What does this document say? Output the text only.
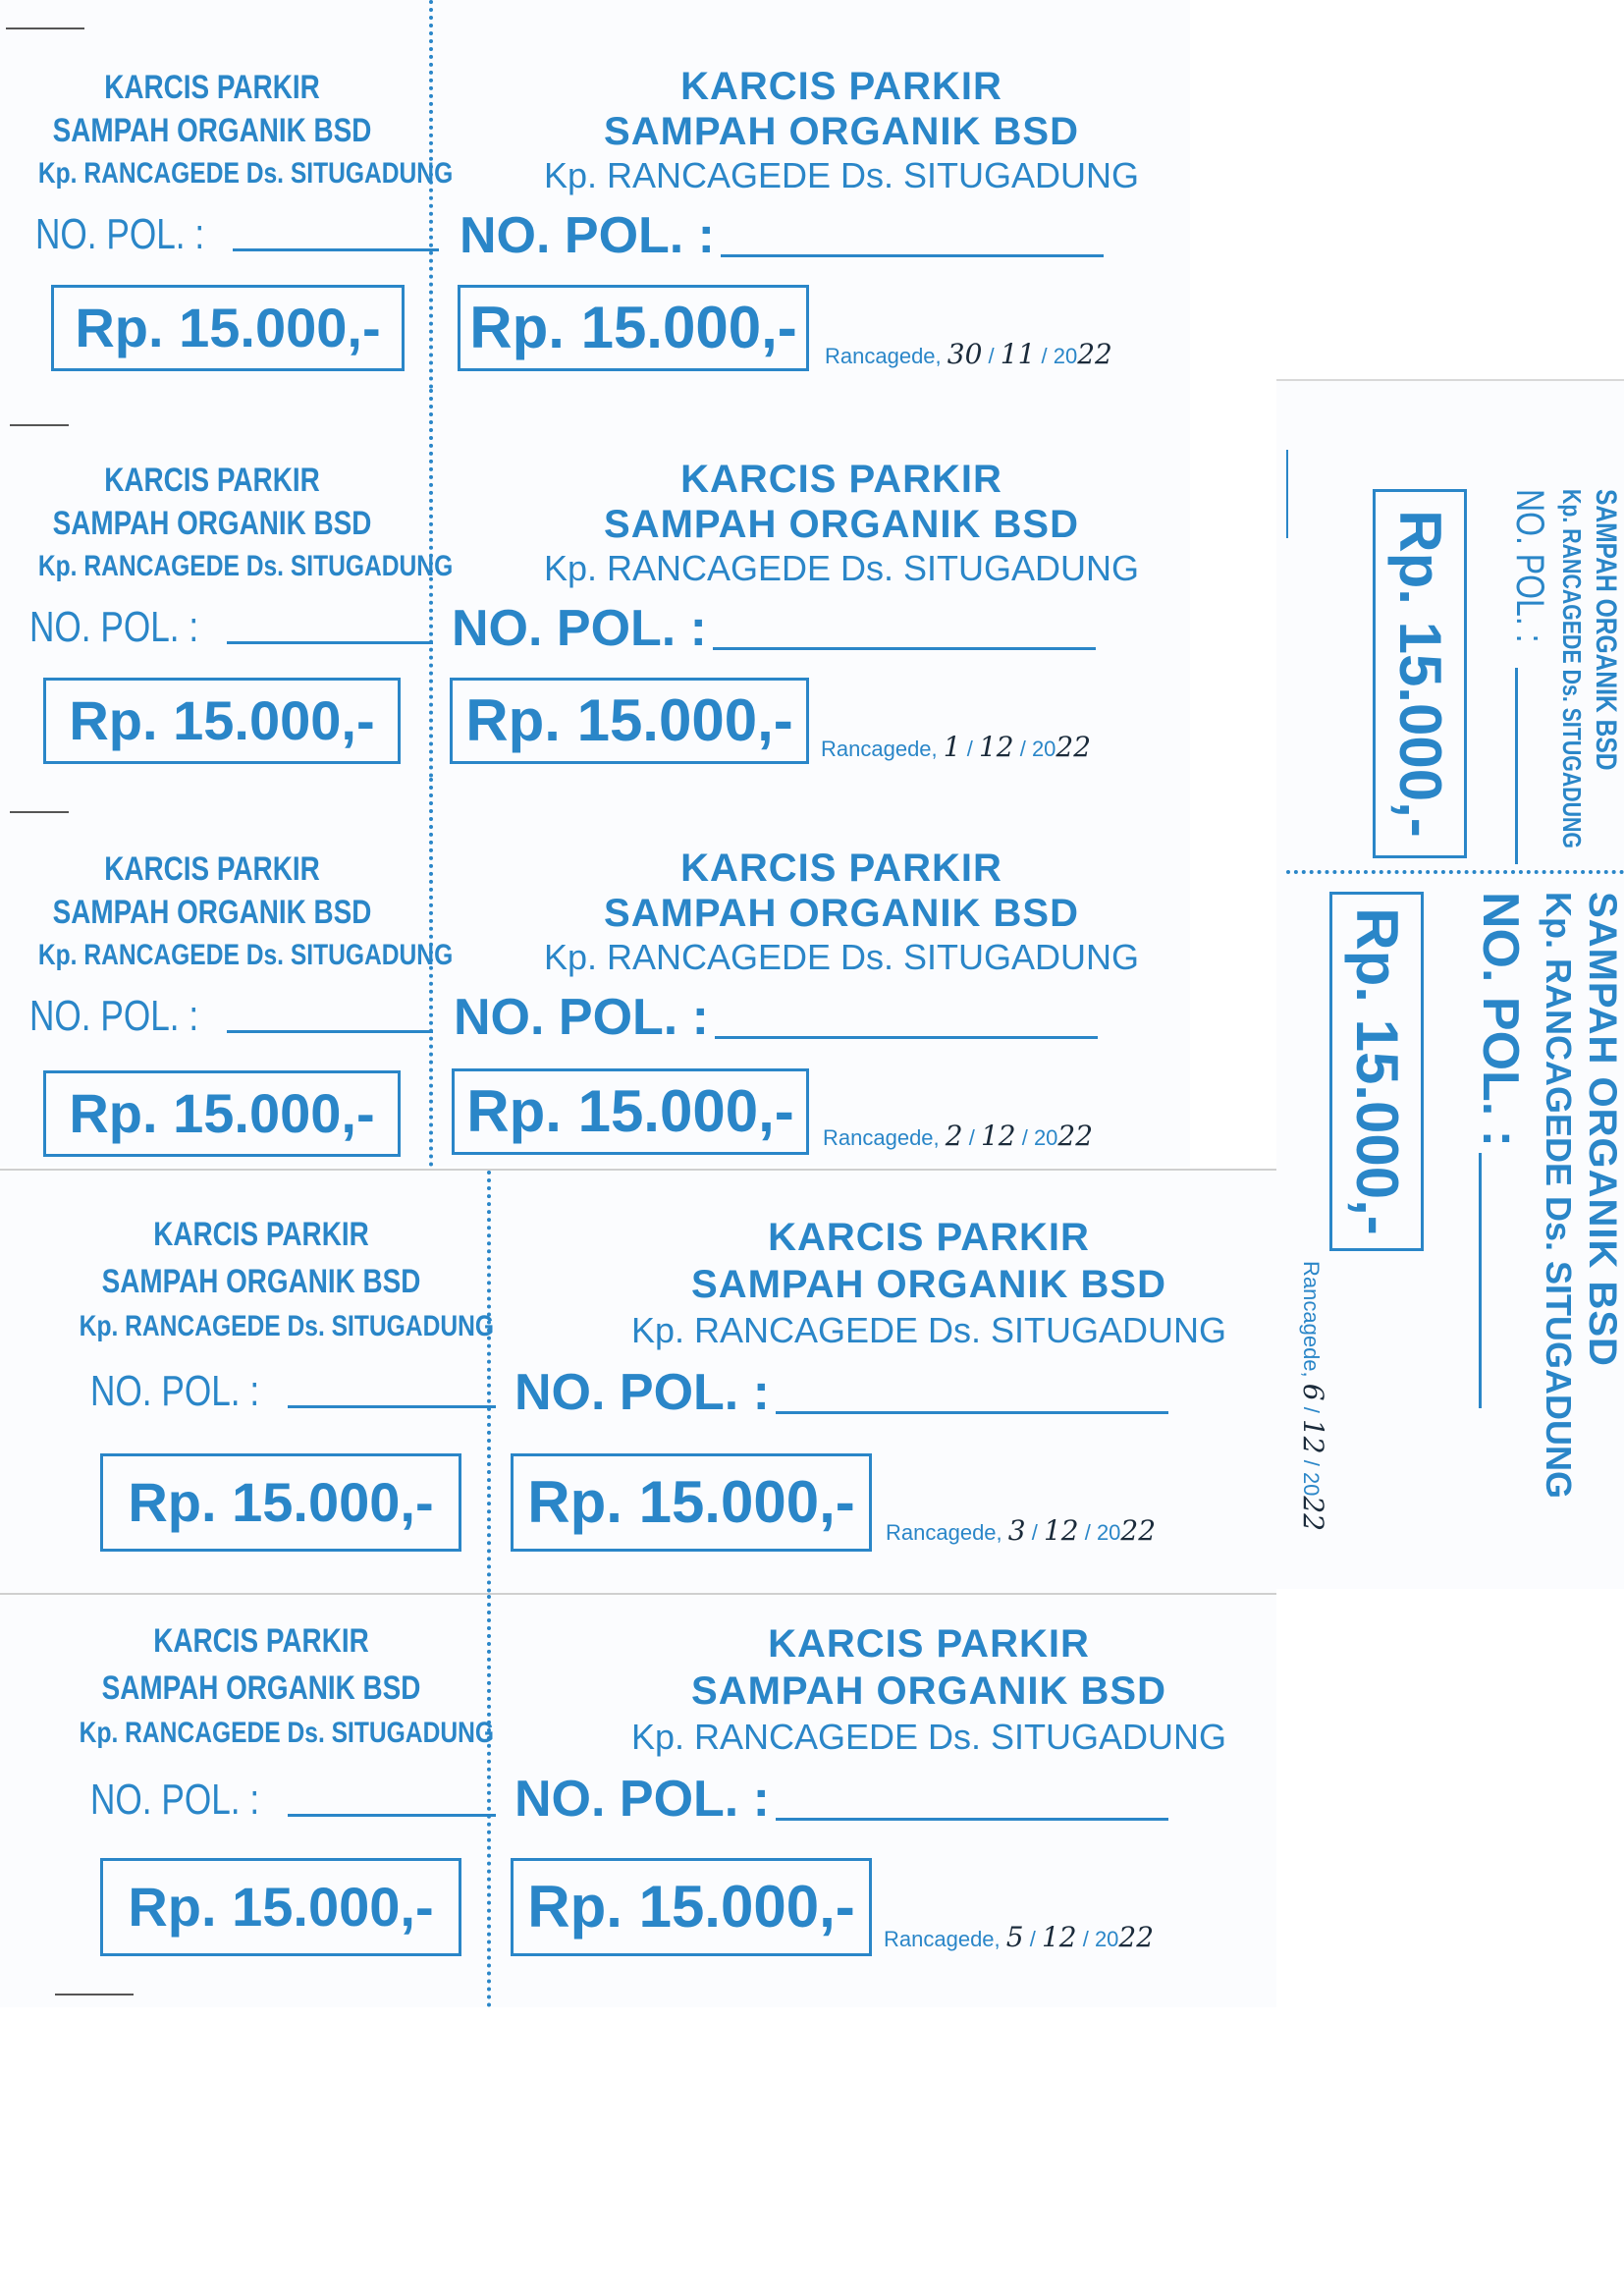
KARCIS PARKIR
SAMPAH ORGANIK BSD
Kp. RANCAGEDE Ds. SITUGADUNG
NO. POL. :
Rp. 15.000,-
KARCIS PARKIR
SAMPAH ORGANIK BSD
Kp. RANCAGEDE Ds. SITUGADUNG
NO. POL. :
Rp. 15.000,-	Rancagede, 30 / 11 / 2022
KARCIS PARKIR
SAMPAH ORGANIK BSD
Kp. RANCAGEDE Ds. SITUGADUNG
NO. POL. :
Rp. 15.000,-
KARCIS PARKIR
SAMPAH ORGANIK BSD
Kp. RANCAGEDE Ds. SITUGADUNG
NO. POL. :
Rp. 15.000,-	Rancagede, 1 / 12 / 2022
KARCIS PARKIR
SAMPAH ORGANIK BSD
Kp. RANCAGEDE Ds. SITUGADUNG
NO. POL. :
Rp. 15.000,-
KARCIS PARKIR
SAMPAH ORGANIK BSD
Kp. RANCAGEDE Ds. SITUGADUNG
NO. POL. :
Rp. 15.000,-	Rancagede, 2 / 12 / 2022
KARCIS PARKIR
SAMPAH ORGANIK BSD
Kp. RANCAGEDE Ds. SITUGADUNG
NO. POL. :
Rp. 15.000,-
KARCIS PARKIR
SAMPAH ORGANIK BSD
Kp. RANCAGEDE Ds. SITUGADUNG
NO. POL. :
Rp. 15.000,-	Rancagede, 3 / 12 / 2022
KARCIS PARKIR
SAMPAH ORGANIK BSD
Kp. RANCAGEDE Ds. SITUGADUNG
NO. POL. :
Rp. 15.000,-
KARCIS PARKIR
SAMPAH ORGANIK BSD
Kp. RANCAGEDE Ds. SITUGADUNG
NO. POL. :
Rp. 15.000,-	Rancagede, 5 / 12 / 2022
SAMPAH ORGANIK BSD
Kp. RANCAGEDE Ds. SITUGADUNG
NO. POL. :
Rp. 15.000,-
SAMPAH ORGANIK BSD
Kp. RANCAGEDE Ds. SITUGADUNG
NO. POL. :
Rp. 15.000,-
Rancagede, 6 / 12 / 2022
